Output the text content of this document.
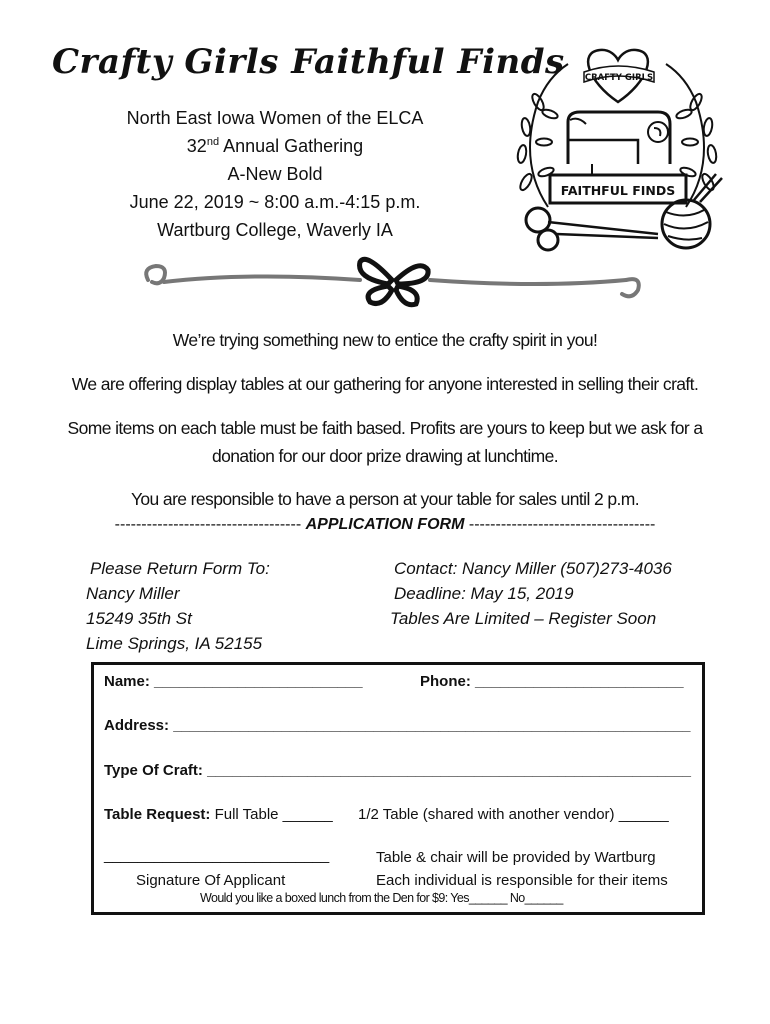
Crafty Girls Faithful Finds
North East Iowa Women of the ELCA
32nd Annual Gathering
A-New Bold
June 22, 2019 ~ 8:00 a.m.-4:15 p.m.
Wartburg College, Waverly IA
CRAFTY GIRLS
FAITHFUL FINDS
We’re trying something new to entice the crafty spirit in you!
We are offering display tables at our gathering for anyone interested in selling their craft.
Some items on each table must be faith based. Profits are yours to keep but we ask for a
donation for our door prize drawing at lunchtime.
You are responsible to have a person at your table for sales until 2 p.m.
----------------------------------- APPLICATION FORM -----------------------------------
Please Return Form To:
Nancy Miller
15249 35th St
Lime Springs, IA 52155
Contact: Nancy Miller (507)273-4036
Deadline: May 15, 2019
Tables Are Limited – Register Soon
Name: _________________________	Phone: _________________________
Address: ______________________________________________________________
Type Of Craft: __________________________________________________________
Table Request: Full Table ______ 1/2 Table (shared with another vendor) ______
___________________________
Signature Of Applicant
Table & chair will be provided by Wartburg
Each individual is responsible for their items
Would you like a boxed lunch from the Den for $9: Yes______ No______
